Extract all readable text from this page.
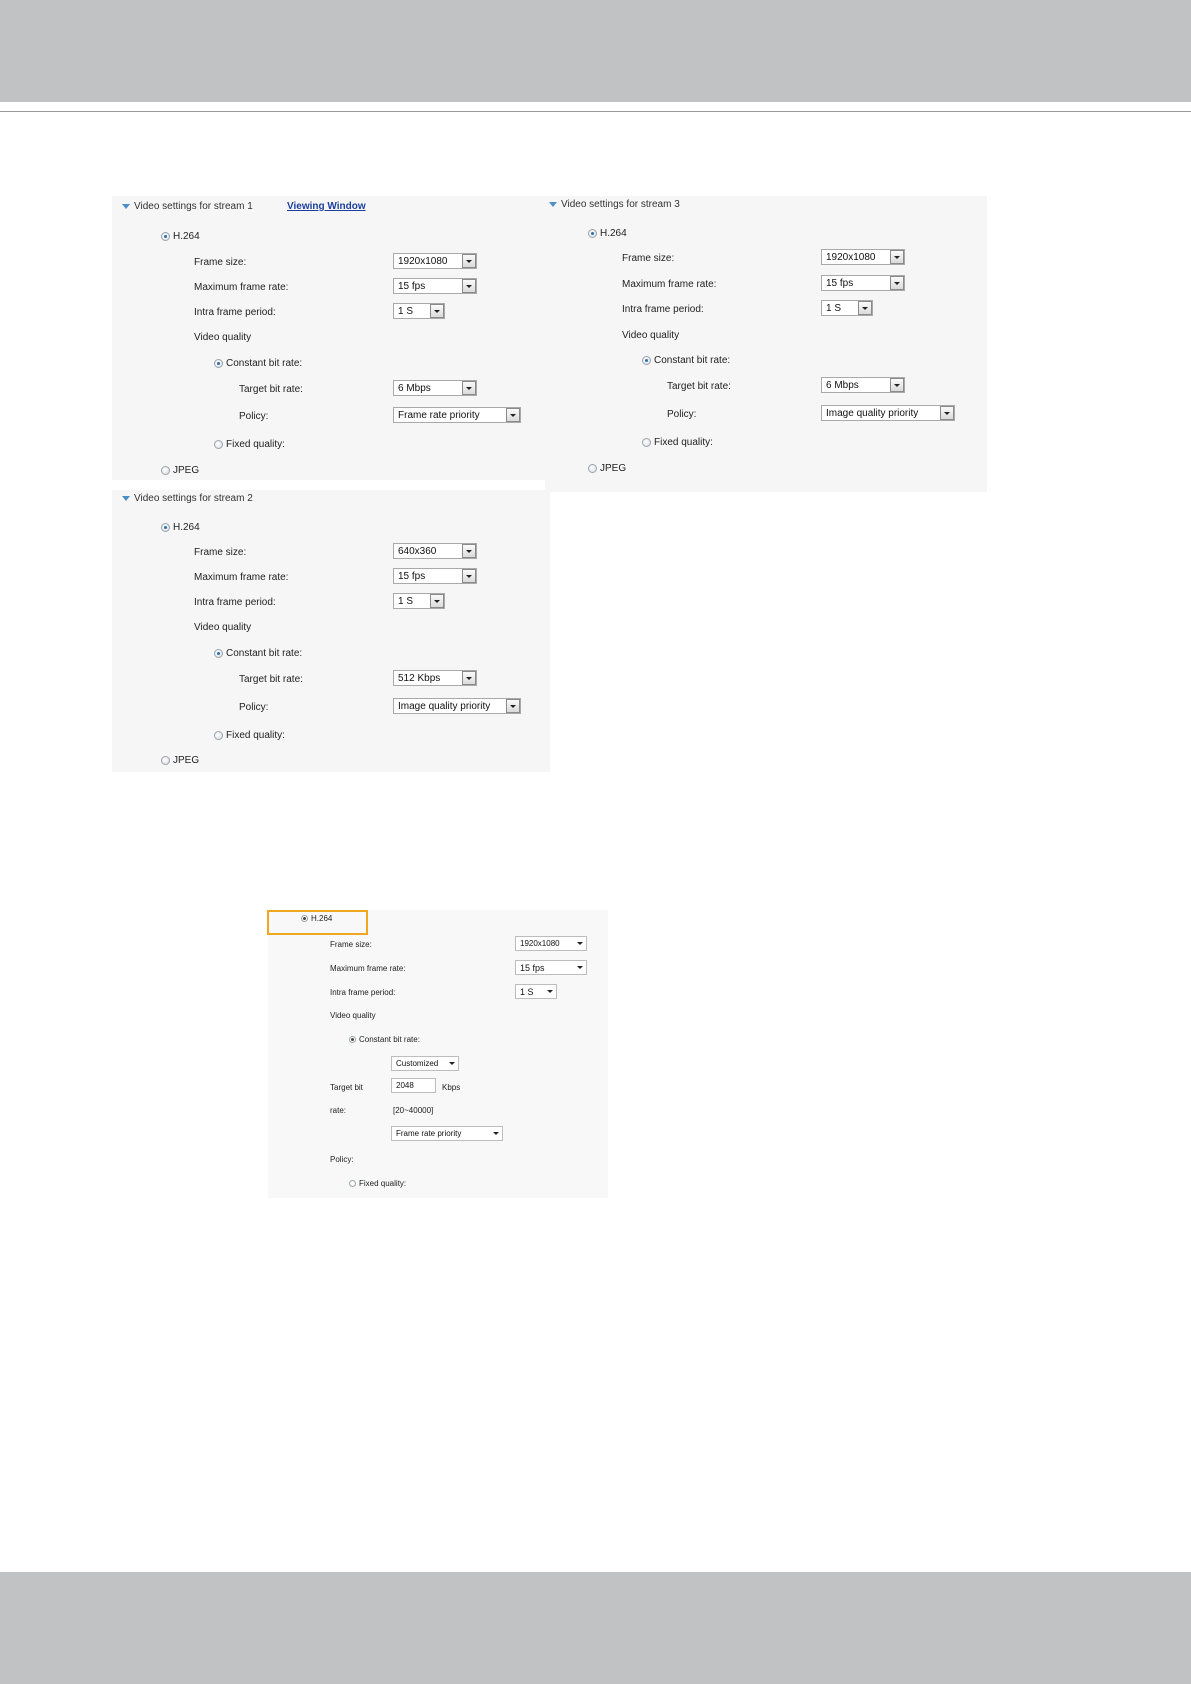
Video settings for stream 1	Viewing Window
H.264
Frame size:	1920x1080
Maximum frame rate:	15 fps
Intra frame period:	1 S
Video quality
Constant bit rate:
Target bit rate:	6 Mbps
Policy:	Frame rate priority
Fixed quality:
JPEG
Video settings for stream 3
H.264
Frame size:	1920x1080
Maximum frame rate:	15 fps
Intra frame period:	1 S
Video quality
Constant bit rate:
Target bit rate:	6 Mbps
Policy:	Image quality priority
Fixed quality:
JPEG
Video settings for stream 2
H.264
Frame size:	640x360
Maximum frame rate:	15 fps
Intra frame period:	1 S
Video quality
Constant bit rate:
Target bit rate:	512 Kbps
Policy:	Image quality priority
Fixed quality:
JPEG
H.264
Frame size:	1920x1080
Maximum frame rate:	15 fps
Intra frame period:	1 S
Video quality
Constant bit rate:
Customized
Target bit	2048	Kbps
rate:	[20~40000]
Frame rate priority
Policy:
Fixed quality:
